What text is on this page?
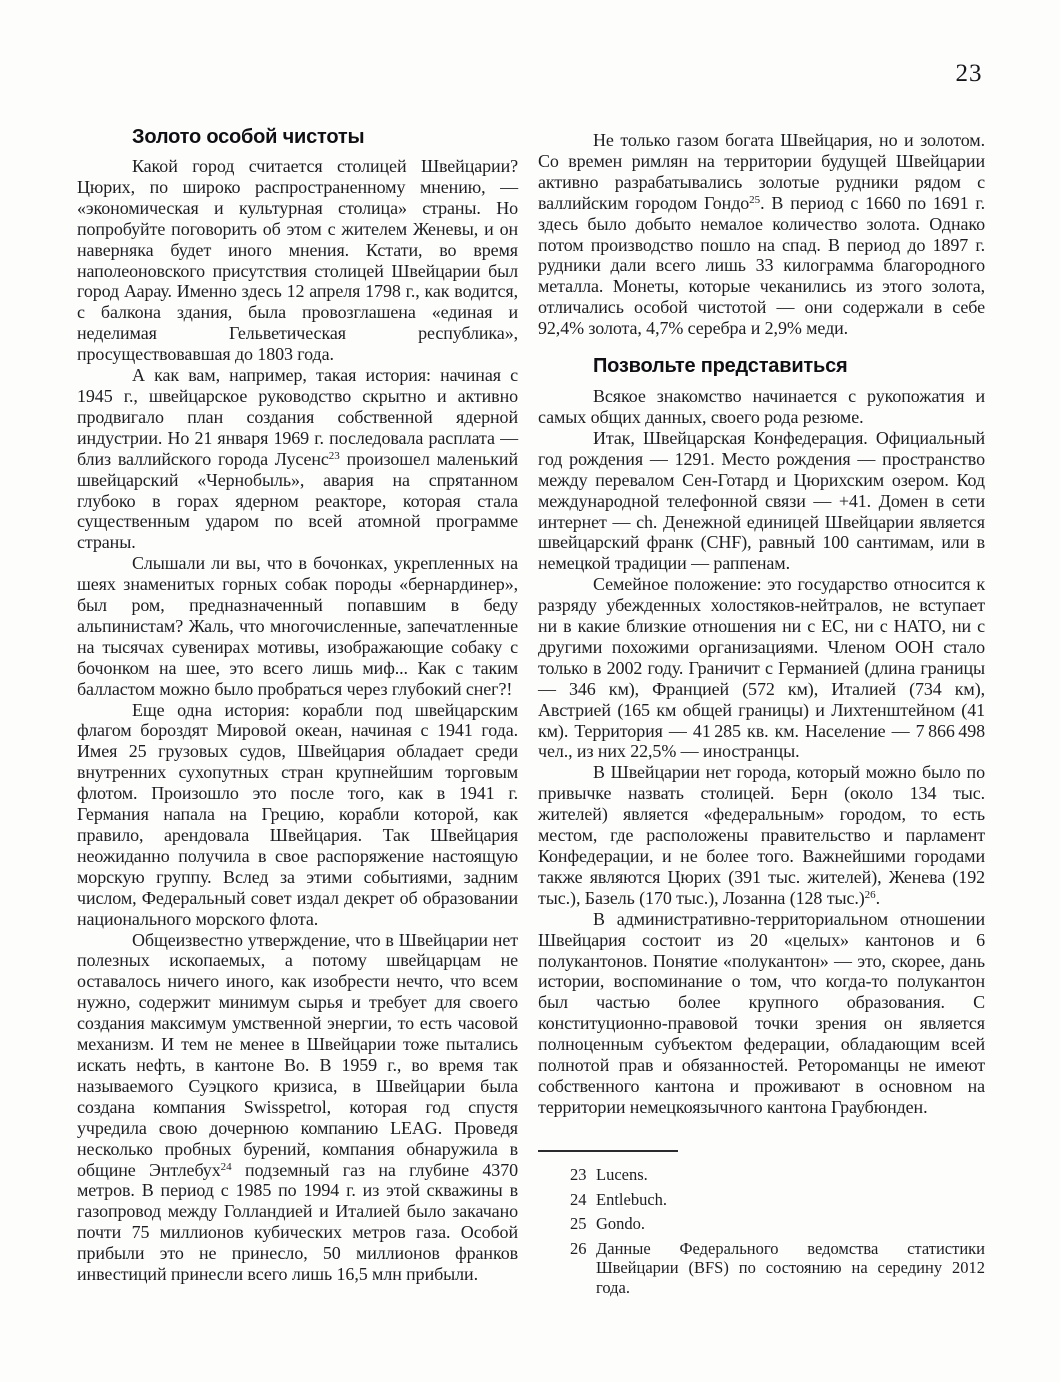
23
Золото особой чистоты

Какой город считается столицей Швейцарии? Цюрих, по широко распространенному мнению, — «экономическая и культурная столица» страны. Но попробуйте поговорить об этом с жителем Женевы, и он наверняка будет иного мнения. Кстати, во время наполеоновского присутствия столицей Швейцарии был город Аарау. Именно здесь 12 апреля 1798 г., как водится, с балкона здания, была провозглашена «единая и неделимая Гельветическая республика», просуществовавшая до 1803 года.

А как вам, например, такая история: начиная с 1945 г., швейцарское руководство скрытно и активно продвигало план создания собственной ядерной индустрии. Но 21 января 1969 г. последовала расплата — близ валлийского города Лусенс$^{23}$ произошел маленький швейцарский «Чернобыль», авария на спрятанном глубоко в горах ядерном реакторе, которая стала существенным ударом по всей атомной программе страны.

Слышали ли вы, что в бочонках, укрепленных на шеях знаменитых горных собак породы «бернардинер», был ром, предназначенный попавшим в беду альпинистам? Жаль, что многочисленные, запечатленные на тысячах сувенирах мотивы, изображающие собаку с бочонком на шее, это всего лишь миф... Как с таким балластом можно было пробраться через глубокий снег?!

Еще одна история: корабли под швейцарским флагом бороздят Мировой океан, начиная с 1941 года. Имея 25 грузовых судов, Швейцария обладает среди внутренних сухопутных стран крупнейшим торговым флотом. Произошло это после того, как в 1941 г. Германия напала на Грецию, корабли которой, как правило, арендовала Швейцария. Так Швейцария неожиданно получила в свое распоряжение настоящую морскую группу. Вслед за этими событиями, задним числом, Федеральный совет издал декрет об образовании национального морского флота.

Общеизвестно утверждение, что в Швейцарии нет полезных ископаемых, а потому швейцарцам не оставалось ничего иного, как изобрести нечто, что всем нужно, содержит минимум сырья и требует для своего создания максимум умственной энергии, то есть часовой механизм. И тем не менее в Швейцарии тоже пытались искать нефть, в кантоне Во. В 1959 г., во время так называемого Суэцкого кризиса, в Швейцарии была создана компания Swisspetrol, которая год спустя учредила свою дочернюю компанию LEAG. Проведя несколько пробных бурений, компания обнаружила в общине Энтлебух$^{24}$ подземный газ на глубине 4370 метров. В период с 1985 по 1994 г. из этой скважины в газопровод между Голландией и Италией было закачано почти 75 миллионов кубических метров газа. Особой прибыли это не принесло, 50 миллионов франков инвестиций принесли всего лишь 16,5 млн прибыли.

Не только газом богата Швейцария, но и золотом. Со времен римлян на территории будущей Швейцарии активно разрабатывались золотые рудники рядом с валлийским городом Гондо$^{25}$. В период с 1660 по 1691 г. здесь было добыто немалое количество золота. Однако потом производство пошло на спад. В период до 1897 г. рудники дали всего лишь 33 килограмма благородного металла. Монеты, которые чеканились из этого золота, отличались особой чистотой — они содержали в себе 92,4% золота, 4,7% серебра и 2,9% меди.

Позвольте представиться

Всякое знакомство начинается с рукопожатия и самых общих данных, своего рода резюме.

Итак, Швейцарская Конфедерация. Официальный год рождения — 1291. Место рождения — пространство между перевалом Сен-Готард и Цюрихским озером. Код международной телефонной связи — +41. Домен в сети интернет — ch. Денежной единицей Швейцарии является швейцарский франк (CHF), равный 100 сантимам, или в немецкой традиции — раппенам.

Семейное положение: это государство относится к разряду убежденных холостяков-нейтралов, не вступает ни в какие близкие отношения ни с ЕС, ни с НАТО, ни с другими похожими организациями. Членом ООН стало только в 2002 году. Граничит с Германией (длина границы — 346 км), Францией (572 км), Италией (734 км), Австрией (165 км общей границы) и Лихтенштейном (41 км). Территория — 41 285 кв. км. Население — 7 866 498 чел., из них 22,5% — иностранцы.

В Швейцарии нет города, который можно было по привычке назвать столицей. Берн (около 134 тыс. жителей) является «федеральным» городом, то есть местом, где расположены правительство и парламент Конфедерации, и не более того. Важнейшими городами также являются Цюрих (391 тыс. жителей), Женева (192 тыс.), Базель (170 тыс.), Лозанна (128 тыс.)$^{26}$.

В административно-территориальном отношении Швейцария состоит из 20 «целых» кантонов и 6 полукантонов. Понятие «полукантон» — это, скорее, дань истории, воспоминание о том, что когда-то полукантон был частью более крупного образования. С конституционно-правовой точки зрения он является полноценным субъектом федерации, обладающим всей полнотой прав и обязанностей. Ретороманцы не имеют собственного кантона и проживают в основном на территории немецкоязычного кантона Граубюнден.

23 Lucens.
24 Entlebuch.
25 Gondo.
26 Данные Федерального ведомства статистики Швейцарии (BFS) по состоянию на середину 2012 года.
